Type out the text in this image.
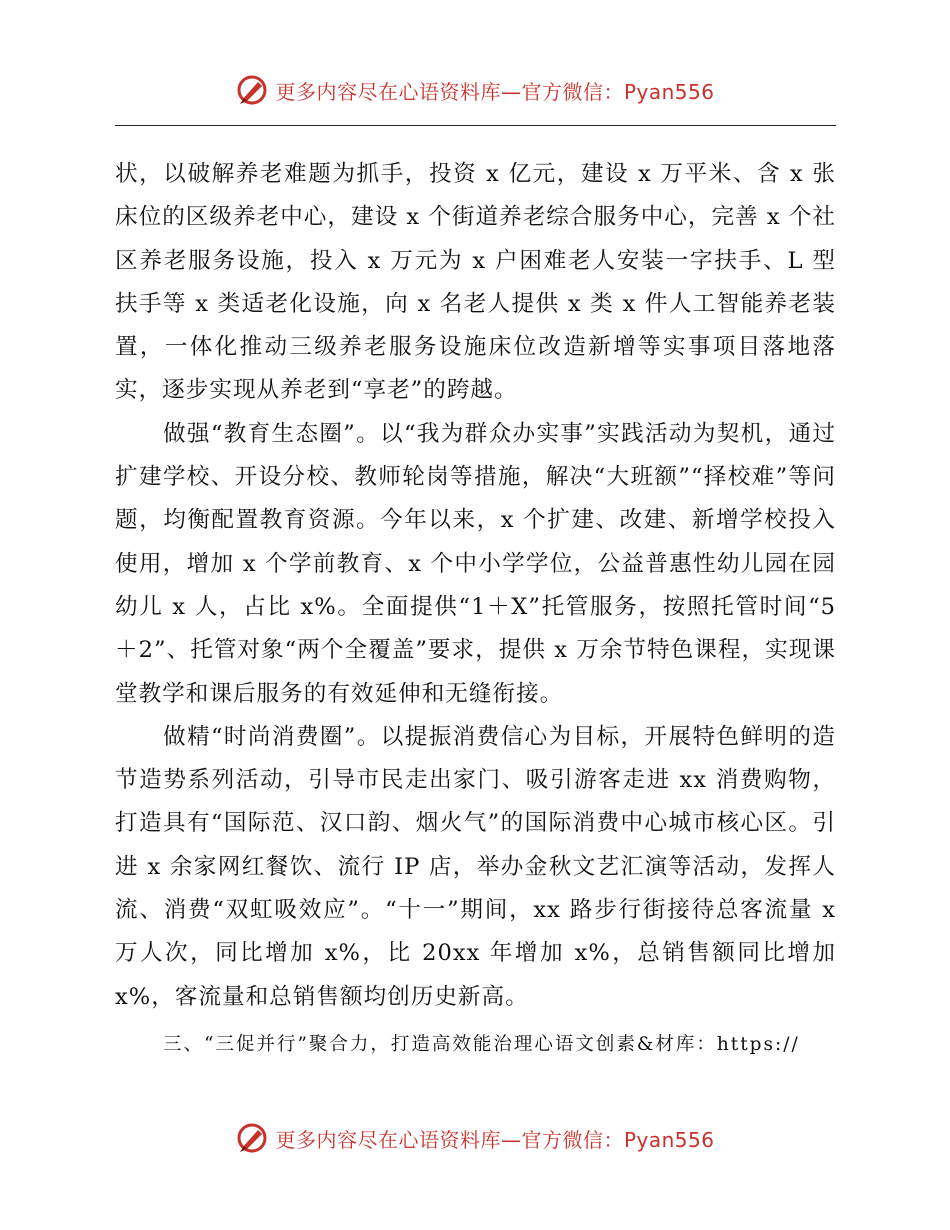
更多内容尽在心语资料库—官方微信：Pyan556

状，以破解养老难题为抓手，投资 x 亿元，建设 x 万平米、含 x 张床位的区级养老中心，建设 x 个街道养老综合服务中心，完善 x 个社区养老服务设施，投入 x 万元为 x 户困难老人安装一字扶手、L 型扶手等 x 类适老化设施，向 x 名老人提供 x 类 x 件人工智能养老装置，一体化推动三级养老服务设施床位改造新增等实事项目落地落实，逐步实现从养老到“享老”的跨越。

做强“教育生态圈”。以“我为群众办实事”实践活动为契机，通过扩建学校、开设分校、教师轮岗等措施，解决“大班额”“择校难”等问题，均衡配置教育资源。今年以来，x 个扩建、改建、新增学校投入使用，增加 x 个学前教育、x 个中小学学位，公益普惠性幼儿园在园幼儿 x 人，占比 x%。全面提供“1＋X”托管服务，按照托管时间“5＋2”、托管对象“两个全覆盖”要求，提供 x 万余节特色课程，实现课堂教学和课后服务的有效延伸和无缝衔接。

做精“时尚消费圈”。以提振消费信心为目标，开展特色鲜明的造节造势系列活动，引导市民走出家门、吸引游客走进 xx 消费购物，打造具有“国际范、汉口韵、烟火气”的国际消费中心城市核心区。引进 x 余家网红餐饮、流行 IP 店，举办金秋文艺汇演等活动，发挥人流、消费“双虹吸效应”。“十一”期间，xx 路步行街接待总客流量 x 万人次，同比增加 x%，比 20xx 年增加 x%，总销售额同比增加 x%，客流量和总销售额均创历史新高。

三、“三促并行”聚合力，打造高效能治理心语文创素&材库：https://

更多内容尽在心语资料库—官方微信：Pyan556
